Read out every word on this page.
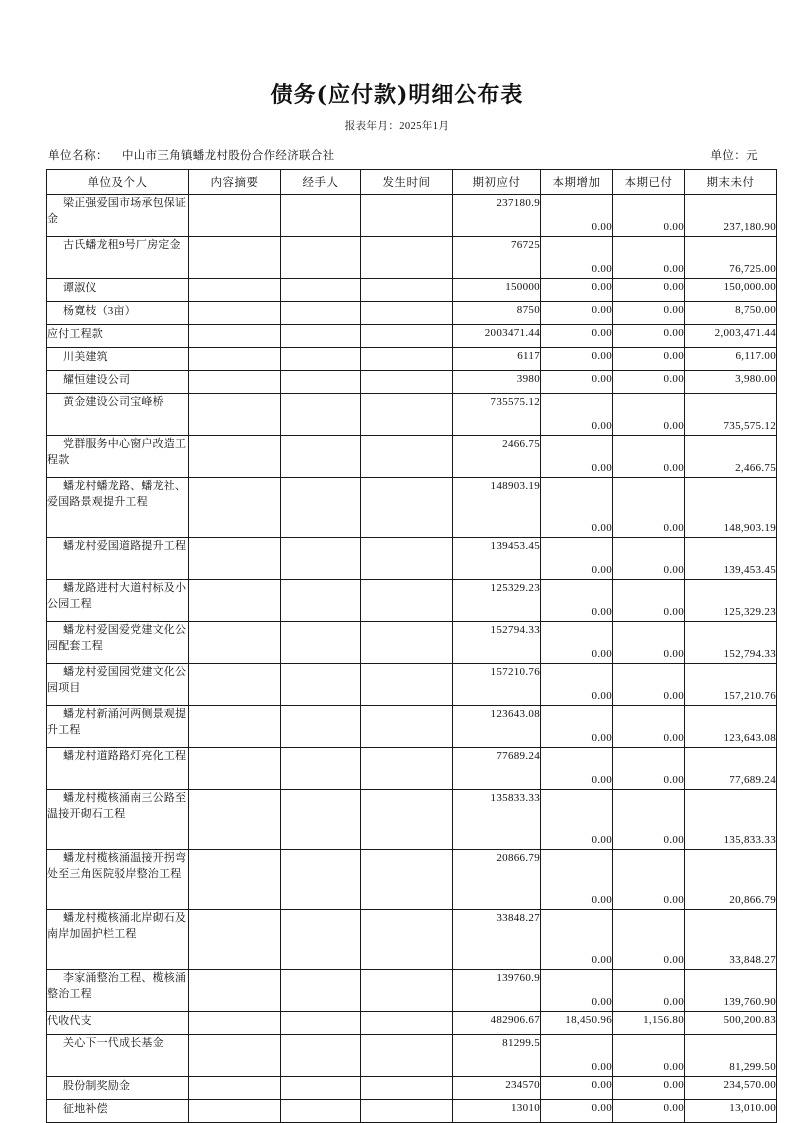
债务(应付款)明细公布表

报表年月：2025年1月

单位名称： 中山市三角镇蟠龙村股份合作经济联合社	单位：元
单位及个人	内容摘要	经手人	发生时间	期初应付	本期增加	本期已付	期末未付
梁正强爱国市场承包保证金				237180.9	0.00	0.00	237,180.90
古氏蟠龙租9号厂房定金				76725	0.00	0.00	76,725.00
谭淑仪				150000	0.00	0.00	150,000.00
杨寛枝（3亩）				8750	0.00	0.00	8,750.00
应付工程款				2003471.44	0.00	0.00	2,003,471.44
川美建筑				6117	0.00	0.00	6,117.00
耀恒建设公司				3980	0.00	0.00	3,980.00
黄金建设公司宝峰桥				735575.12	0.00	0.00	735,575.12
党群服务中心窗户改造工程款				2466.75	0.00	0.00	2,466.75
蟠龙村蟠龙路、蟠龙社、爱国路景观提升工程				148903.19	0.00	0.00	148,903.19
蟠龙村爱国道路提升工程				139453.45	0.00	0.00	139,453.45
蟠龙路进村大道村标及小公园工程				125329.23	0.00	0.00	125,329.23
蟠龙村爱国爱党建文化公园配套工程				152794.33	0.00	0.00	152,794.33
蟠龙村爱国园党建文化公园项目				157210.76	0.00	0.00	157,210.76
蟠龙村新涌河两侧景观提升工程				123643.08	0.00	0.00	123,643.08
蟠龙村道路路灯亮化工程				77689.24	0.00	0.00	77,689.24
蟠龙村榄核涌南三公路至温接开砌石工程				135833.33	0.00	0.00	135,833.33
蟠龙村榄核涌温接开拐弯处至三角医院驳岸整治工程				20866.79	0.00	0.00	20,866.79
蟠龙村榄核涌北岸砌石及南岸加固护栏工程				33848.27	0.00	0.00	33,848.27
李家涌整治工程、榄核涌整治工程				139760.9	0.00	0.00	139,760.90
代收代支				482906.67	18,450.96	1,156.80	500,200.83
关心下一代成长基金				81299.5	0.00	0.00	81,299.50
股份制奖励金				234570	0.00	0.00	234,570.00
征地补偿				13010	0.00	0.00	13,010.00
